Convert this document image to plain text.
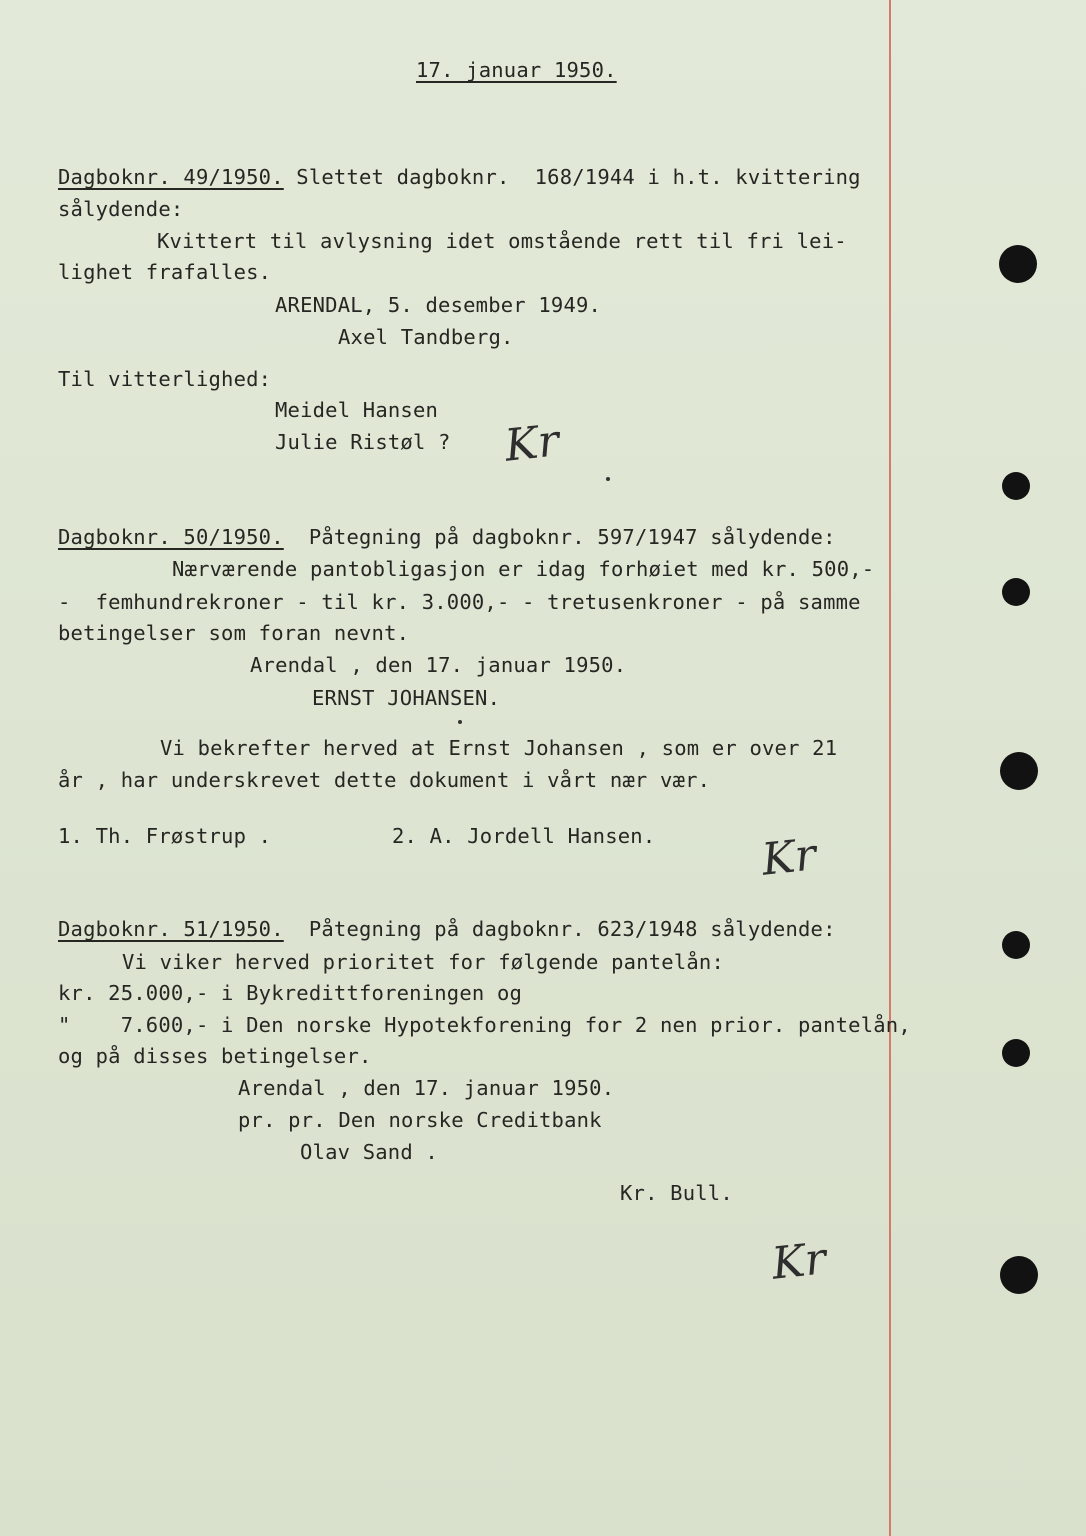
17. januar 1950.
Dagboknr. 49/1950. Slettet dagboknr.  168/1944 i h.t. kvittering
sålydende:
Kvittert til avlysning idet omstående rett til fri lei-
lighet frafalles.
ARENDAL, 5. desember 1949.
Axel Tandberg.
Til vitterlighed:
Meidel Hansen
Julie Ristøl ? Kr
Dagboknr. 50/1950.  Påtegning på dagboknr. 597/1947 sålydende:
Nærværende pantobligasjon er idag forhøiet med kr. 500,-
-  femhundrekroner - til kr. 3.000,- - tretusenkroner - på samme
betingelser som foran nevnt.
Arendal , den 17. januar 1950.
ERNST JOHANSEN.
Vi bekrefter herved at Ernst Johansen , som er over 21
år , har underskrevet dette dokument i vårt nær vær.
1. Th. Frøstrup .	2. A. Jordell Hansen. Kr
Dagboknr. 51/1950.  Påtegning på dagboknr. 623/1948 sålydende:
Vi viker herved prioritet for følgende pantelån:
kr. 25.000,- i Bykredittforeningen og
"    7.600,- i Den norske Hypotekforening for 2 nen prior. pantelån,
og på disses betingelser.
Arendal , den 17. januar 1950.
pr. pr. Den norske Creditbank
Olav Sand .
Kr. Bull.
Kr
